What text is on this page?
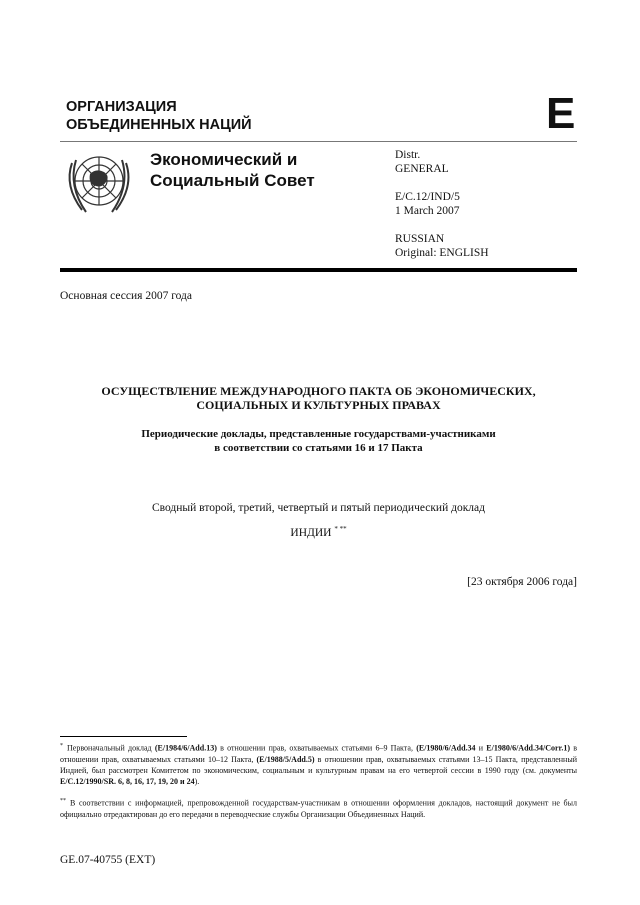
ОРГАНИЗАЦИЯ
ОБЪЕДИНЕННЫХ НАЦИЙ	E
Экономический и
Социальный Совет
Distr.
GENERAL
E/C.12/IND/5
1 March 2007
RUSSIAN
Original: ENGLISH
Основная сессия 2007 года
ОСУЩЕСТВЛЕНИЕ МЕЖДУНАРОДНОГО ПАКТА ОБ ЭКОНОМИЧЕСКИХ,
СОЦИАЛЬНЫХ И КУЛЬТУРНЫХ ПРАВАХ
Периодические доклады, представленные государствами-участниками
в соответствии со статьями 16 и 17 Пакта
Сводный второй, третий, четвертый и пятый периодический доклад
ИНДИИ * **
[23 октября 2006 года]
*  Первоначальный доклад (E/1984/6/Add.13) в отношении прав, охватываемых статьями 6–9 Пакта, (E/1980/6/Add.34 и E/1980/6/Add.34/Corr.1) в отношении прав, охватываемых статьями 10–12 Пакта, (E/1988/5/Add.5) в отношении прав, охватываемых статьями 13–15 Пакта, представленный Индией, был рассмотрен Комитетом по экономическим, социальным и культурным правам на его четвертой сессии в 1990 году (см. документы E/C.12/1990/SR. 6, 8, 16, 17, 19, 20 и 24).
**  В соответствии с информацией, препровожденной государствам-участникам в отношении оформления докладов, настоящий документ не был официально отредактирован до его передачи в переводческие службы Организации Объединенных Наций.
GE.07-40755 (EXT)
